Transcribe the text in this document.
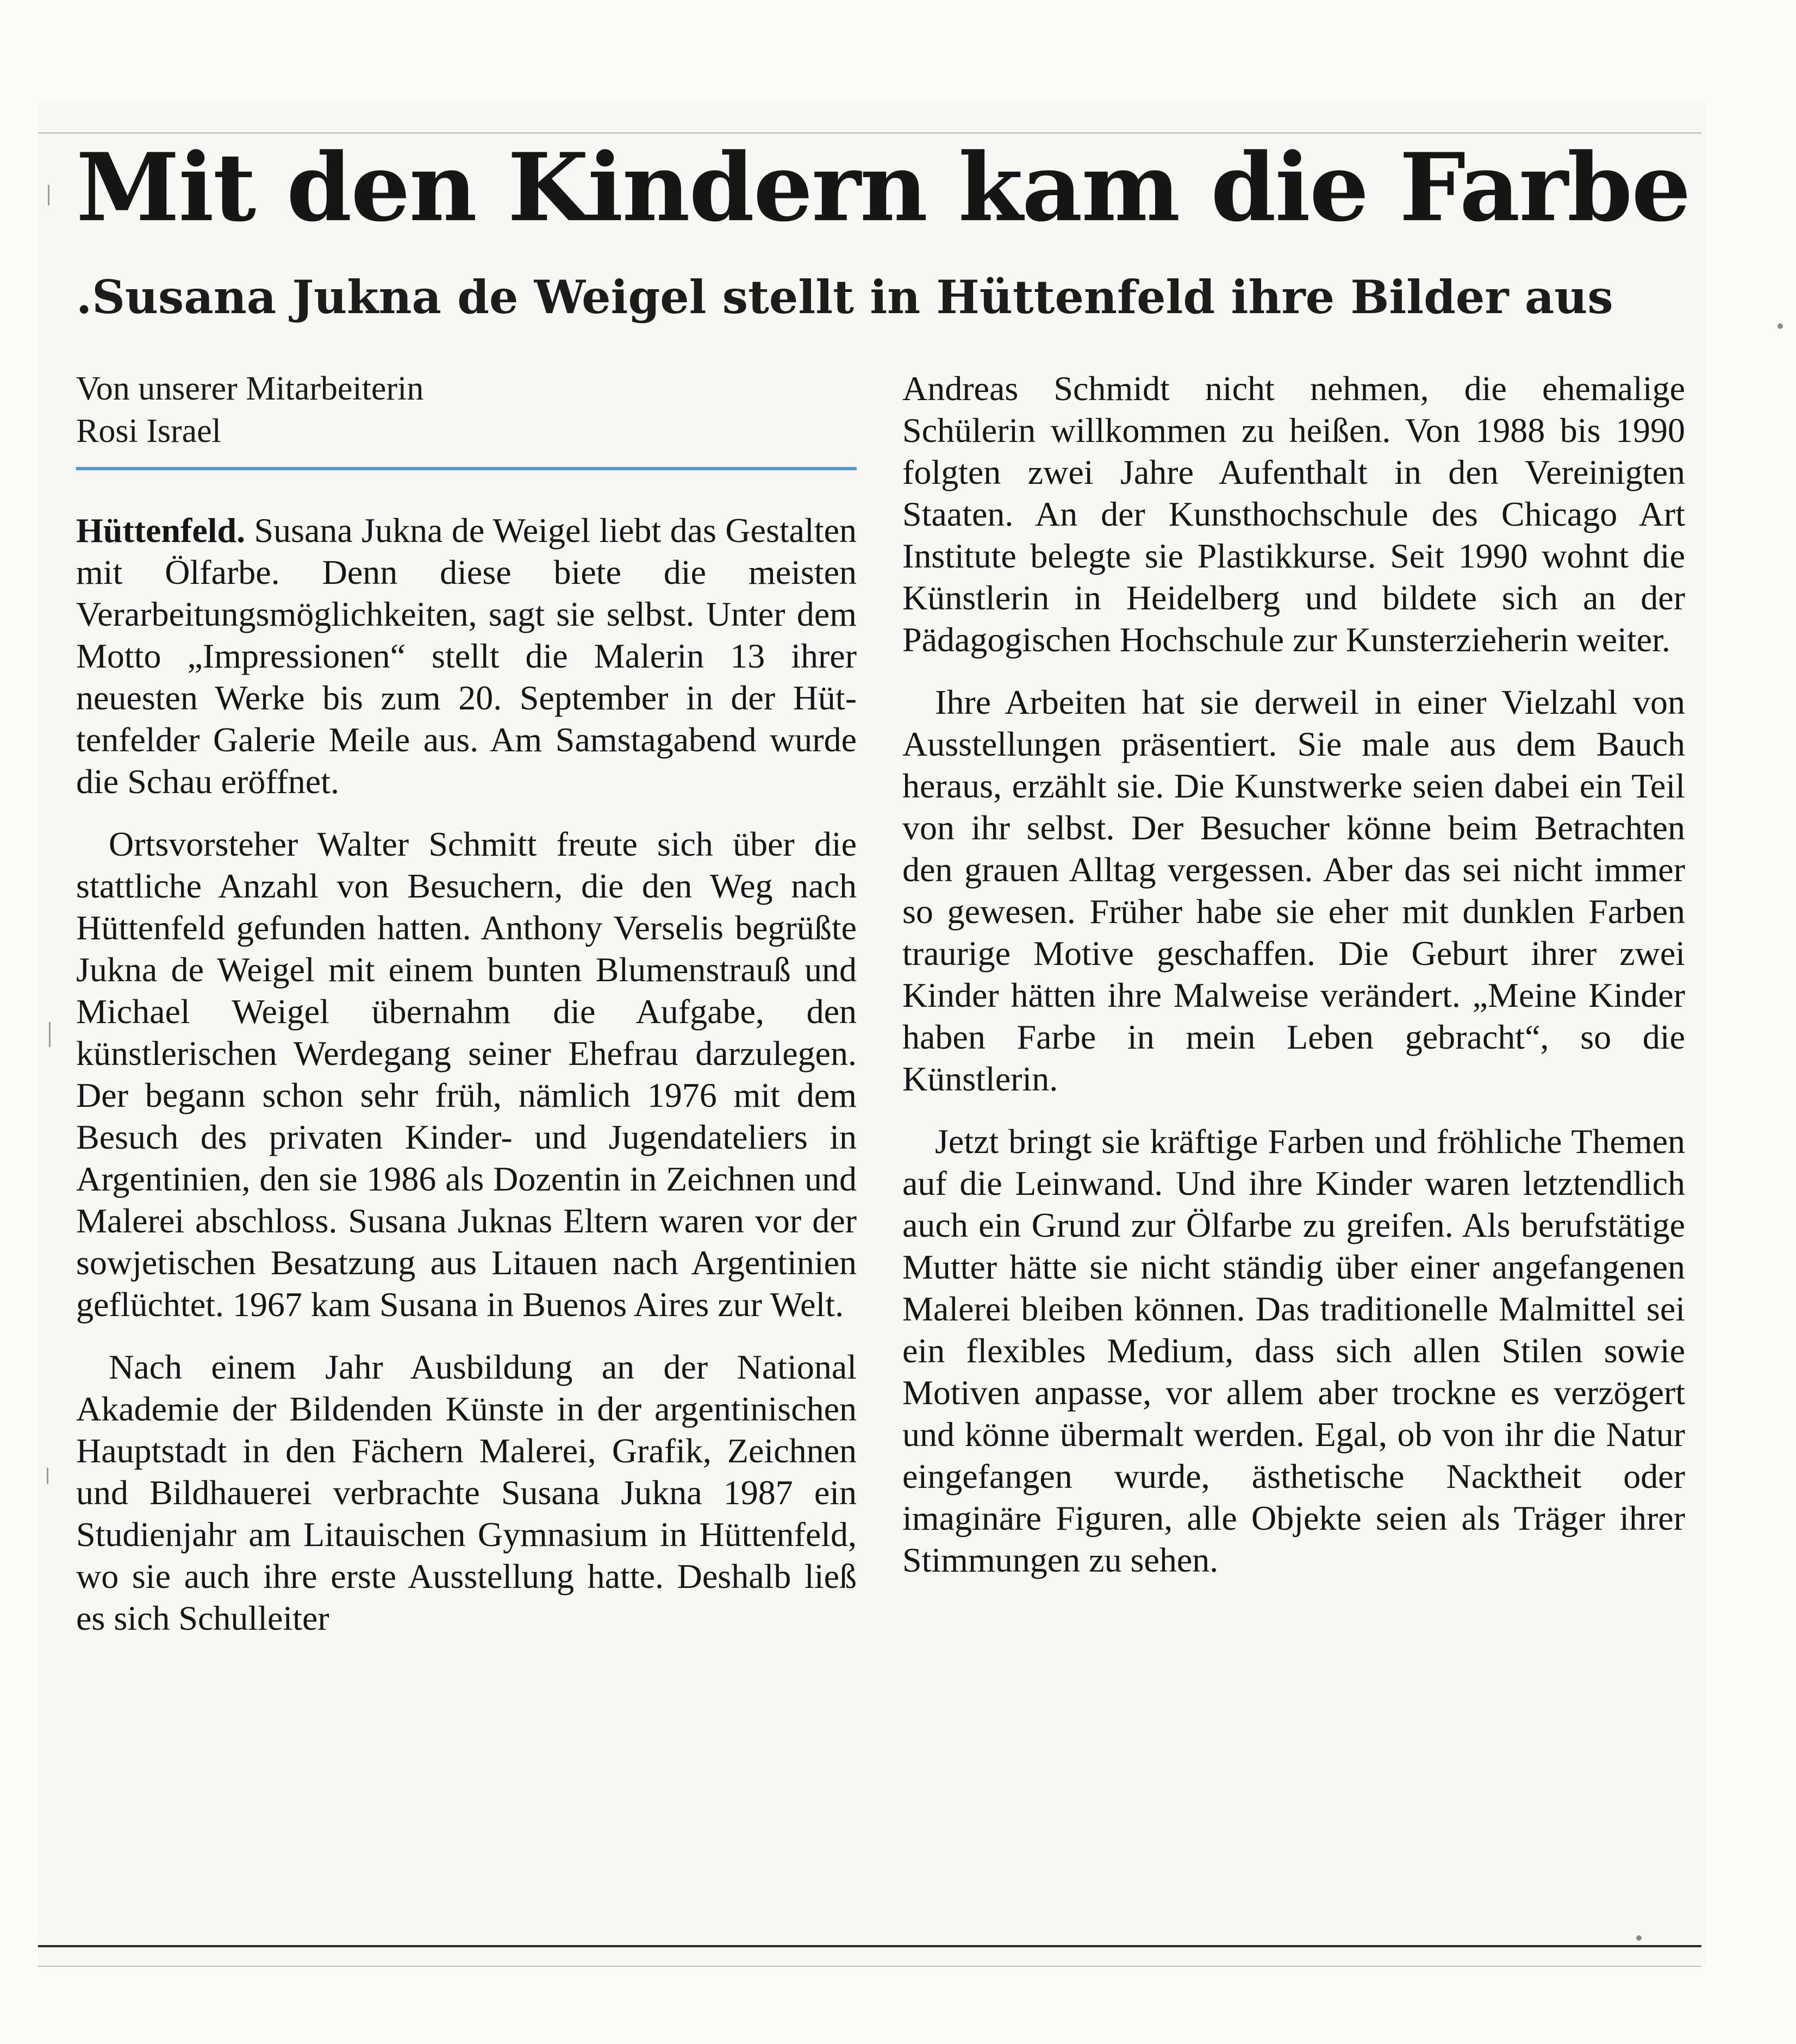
Mit den Kindern kam die Farbe
.Susana Jukna de Weigel stellt in Hüttenfeld ihre Bilder aus
Von unserer Mitarbeiterin
Rosi Israel

Hüttenfeld. Susana Jukna de Weigel liebt das Gestalten mit Ölfarbe. Denn diese biete die meisten Verarbeitungsmöglichkeiten, sagt sie selbst. Unter dem Motto „Impressionen“ stellt die Malerin 13 ihrer neuesten Werke bis zum 20. September in der Hüttenfelder Galerie Meile aus. Am Samstagabend wurde die Schau eröffnet.

Ortsvorsteher Walter Schmitt freute sich über die stattliche Anzahl von Besuchern, die den Weg nach Hüttenfeld gefunden hatten. Anthony Verselis begrüßte Jukna de Weigel mit einem bunten Blumenstrauß und Michael Weigel übernahm die Aufgabe, den künstlerischen Werdegang seiner Ehefrau darzulegen. Der begann schon sehr früh, nämlich 1976 mit dem Besuch des privaten Kinder- und Jugendateliers in Argentinien, den sie 1986 als Dozentin in Zeichnen und Malerei abschloss. Susana Juknas Eltern waren vor der sowjetischen Besatzung aus Litauen nach Argentinien geflüchtet. 1967 kam Susana in Buenos Aires zur Welt.

Nach einem Jahr Ausbildung an der National Akademie der Bildenden Künste in der argentinischen Hauptstadt in den Fächern Malerei, Grafik, Zeichnen und Bildhauerei verbrachte Susana Jukna 1987 ein Studienjahr am Litauischen Gymnasium in Hüttenfeld, wo sie auch ihre erste Ausstellung hatte. Deshalb ließ es sich Schulleiter

Andreas Schmidt nicht nehmen, die ehemalige Schülerin willkommen zu heißen. Von 1988 bis 1990 folgten zwei Jahre Aufenthalt in den Vereinigten Staaten. An der Kunsthochschule des Chicago Art Institute belegte sie Plastikkurse. Seit 1990 wohnt die Künstlerin in Heidelberg und bildete sich an der Pädagogischen Hochschule zur Kunsterzieherin weiter.

Ihre Arbeiten hat sie derweil in einer Vielzahl von Ausstellungen präsentiert. Sie male aus dem Bauch heraus, erzählt sie. Die Kunstwerke seien dabei ein Teil von ihr selbst. Der Besucher könne beim Betrachten den grauen Alltag vergessen. Aber das sei nicht immer so gewesen. Früher habe sie eher mit dunklen Farben traurige Motive geschaffen. Die Geburt ihrer zwei Kinder hätten ihre Malweise verändert. „Meine Kinder haben Farbe in mein Leben gebracht“, so die Künstlerin.

Jetzt bringt sie kräftige Farben und fröhliche Themen auf die Leinwand. Und ihre Kinder waren letztendlich auch ein Grund zur Ölfarbe zu greifen. Als berufstätige Mutter hätte sie nicht ständig über einer angefangenen Malerei bleiben können. Das traditionelle Malmittel sei ein flexibles Medium, dass sich allen Stilen sowie Motiven anpasse, vor allem aber trockne es verzögert und könne übermalt werden. Egal, ob von ihr die Natur eingefangen wurde, ästhetische Nacktheit oder imaginäre Figuren, alle Objekte seien als Träger ihrer Stimmungen zu sehen.
